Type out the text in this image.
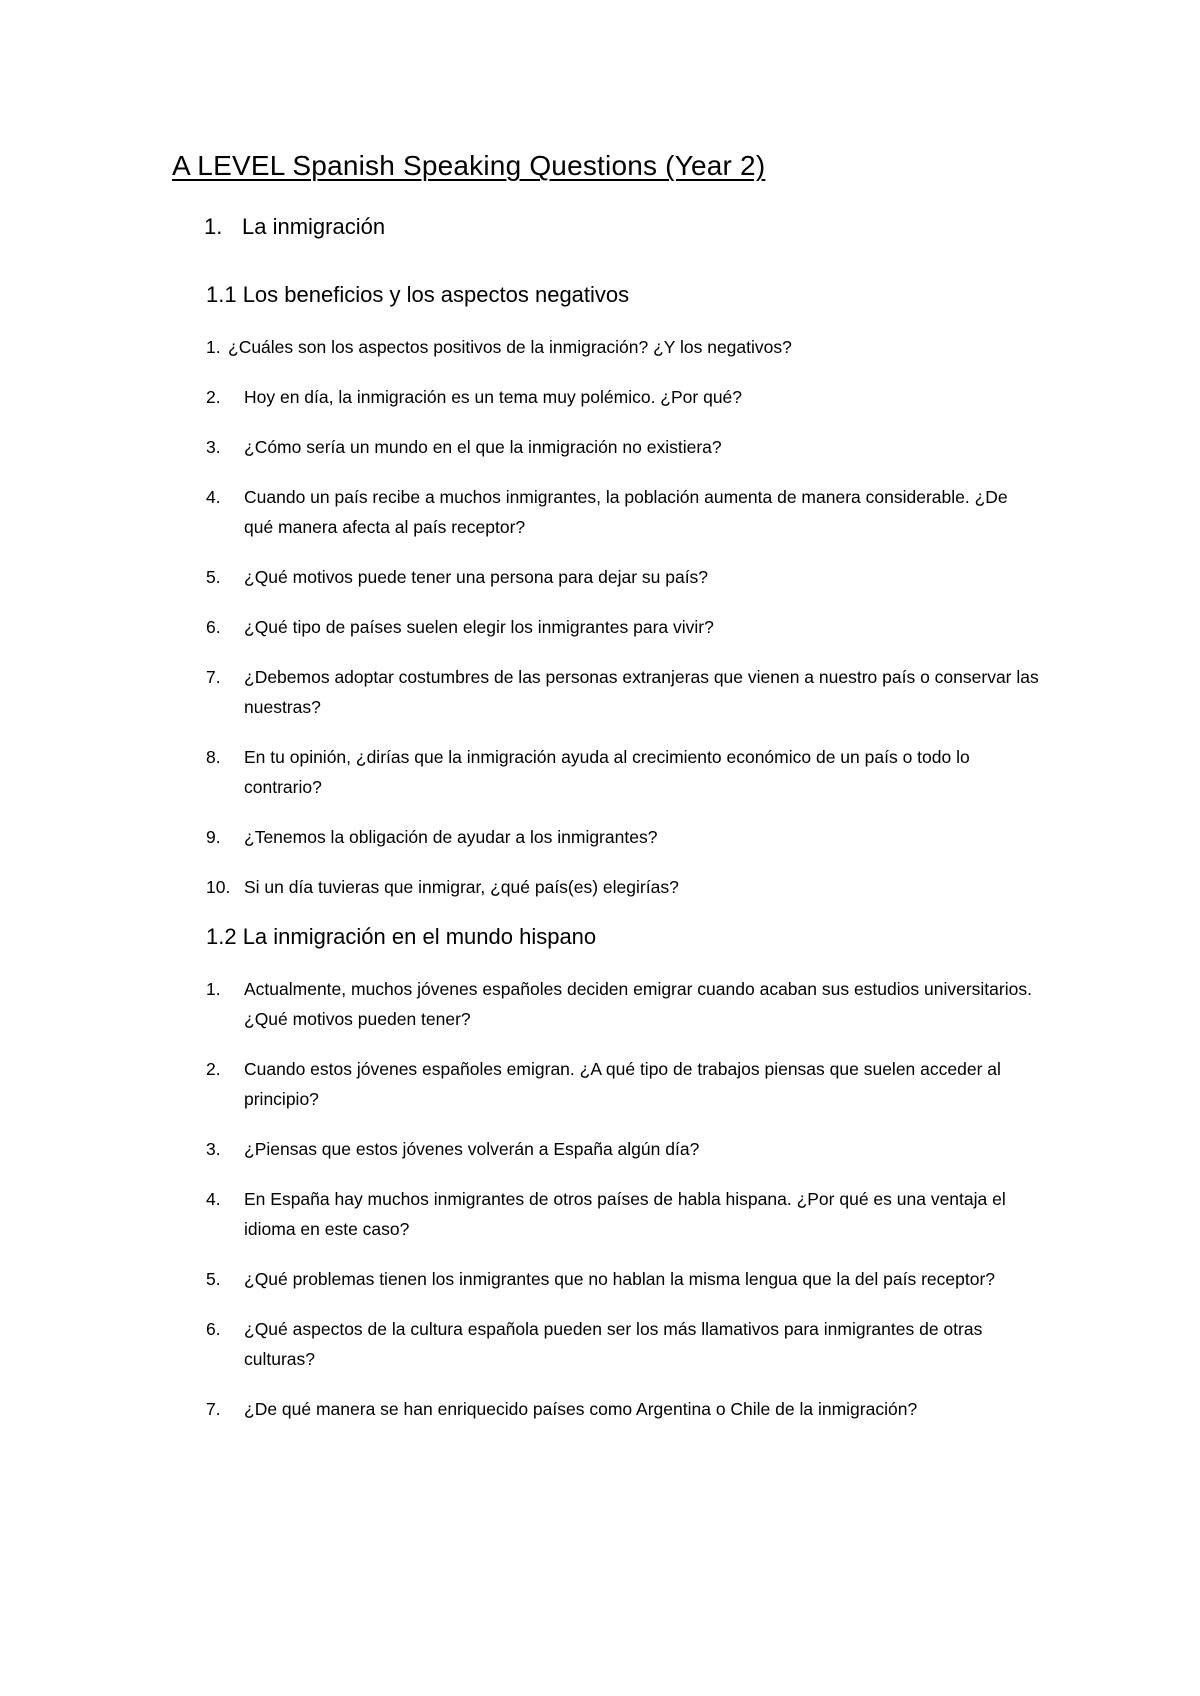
A LEVEL Spanish Speaking Questions (Year 2)
1. La inmigración
1.1 Los beneficios y los aspectos negativos
1. ¿Cuáles son los aspectos positivos de la inmigración? ¿Y los negativos?
2.	Hoy en día, la inmigración es un tema muy polémico. ¿Por qué?
3.	¿Cómo sería un mundo en el que la inmigración no existiera?
4.	Cuando un país recibe a muchos inmigrantes, la población aumenta de manera considerable. ¿De qué manera afecta al país receptor?
5.	¿Qué motivos puede tener una persona para dejar su país?
6.	¿Qué tipo de países suelen elegir los inmigrantes para vivir?
7.	¿Debemos adoptar costumbres de las personas extranjeras que vienen a nuestro país o conservar las nuestras?
8.	En tu opinión, ¿dirías que la inmigración ayuda al crecimiento económico de un país o todo lo contrario?
9.	¿Tenemos la obligación de ayudar a los inmigrantes?
10. Si un día tuvieras que inmigrar, ¿qué país(es) elegirías?
1.2 La inmigración en el mundo hispano
1.	Actualmente, muchos jóvenes españoles deciden emigrar cuando acaban sus estudios universitarios. ¿Qué motivos pueden tener?
2.	Cuando estos jóvenes españoles emigran. ¿A qué tipo de trabajos piensas que suelen acceder al principio?
3.	¿Piensas que estos jóvenes volverán a España algún día?
4.	En España hay muchos inmigrantes de otros países de habla hispana. ¿Por qué es una ventaja el idioma en este caso?
5.	¿Qué problemas tienen los inmigrantes que no hablan la misma lengua que la del país receptor?
6.	¿Qué aspectos de la cultura española pueden ser los más llamativos para inmigrantes de otras culturas?
7.	¿De qué manera se han enriquecido países como Argentina o Chile de la inmigración?
